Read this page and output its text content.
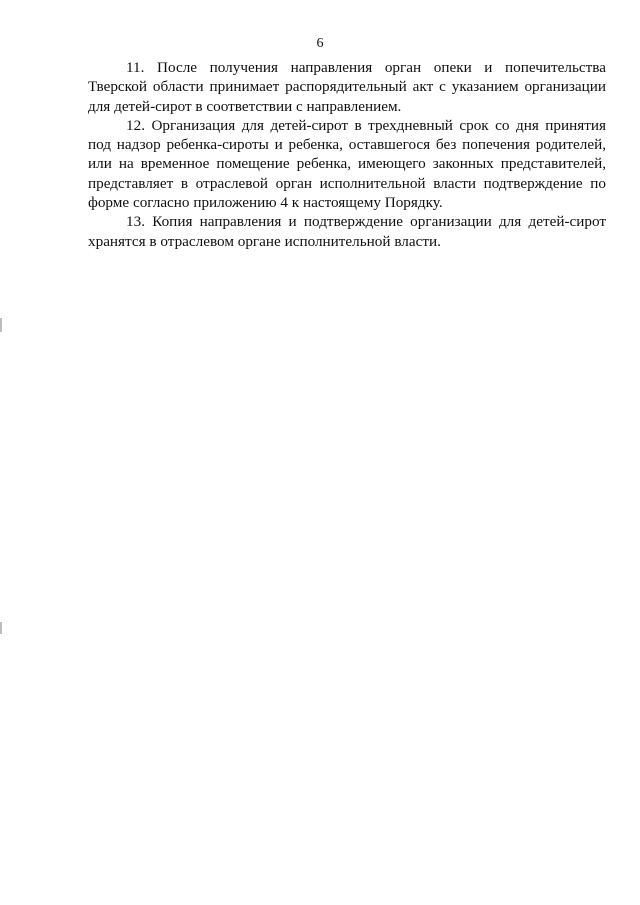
6

11. После получения направления орган опеки и попечительства Тверской области принимает распорядительный акт с указанием организации для детей-сирот в соответствии с направлением.

12. Организация для детей-сирот в трехдневный срок со дня принятия под надзор ребенка-сироты и ребенка, оставшегося без попечения родителей, или на временное помещение ребенка, имеющего законных представителей, представляет в отраслевой орган исполнительной власти подтверждение по форме согласно приложению 4 к настоящему Порядку.

13. Копия направления и подтверждение организации для детей-сирот хранятся в отраслевом органе исполнительной власти.
